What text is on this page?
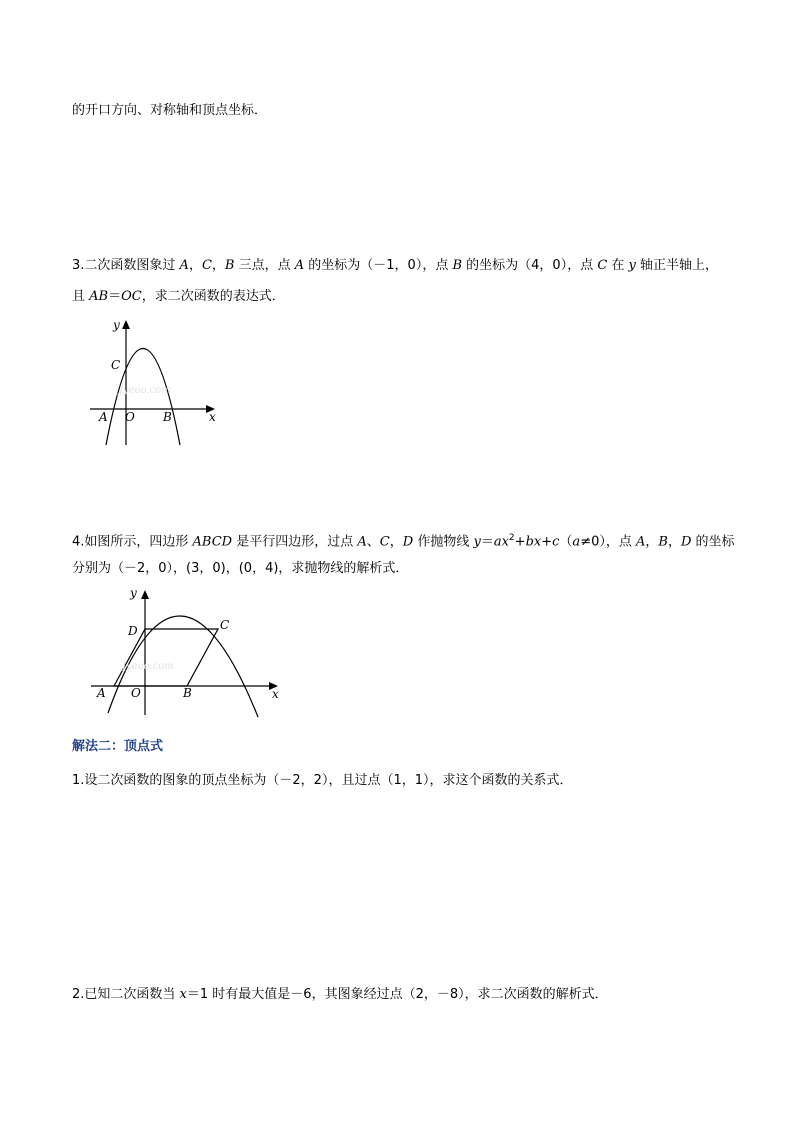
的开口方向、对称轴和顶点坐标．
3.二次函数图象过 A，C，B 三点，点 A 的坐标为（－1，0），点 B 的坐标为（4，0），点 C 在 y 轴正半轴上，
且 AB＝OC，求二次函数的表达式．
Jyeoo.com
y
C
A O B	x
4.如图所示，四边形 ABCD 是平行四边形，过点 A、C，D 作抛物线 $y=ax^2+bx+c(a\ne 0)$，点 A，B，D 的坐标
分别为（－2，0），(3，0)，(0，4)，求抛物线的解析式．
Jyeoo.com
y
D	C
A O	B	x
解法二：顶点式
1.设二次函数的图象的顶点坐标为（－2，2），且过点（1，1），求这个函数的关系式．
2.已知二次函数当 x＝1 时有最大值是－6，其图象经过点（2，－8），求二次函数的解析式．
